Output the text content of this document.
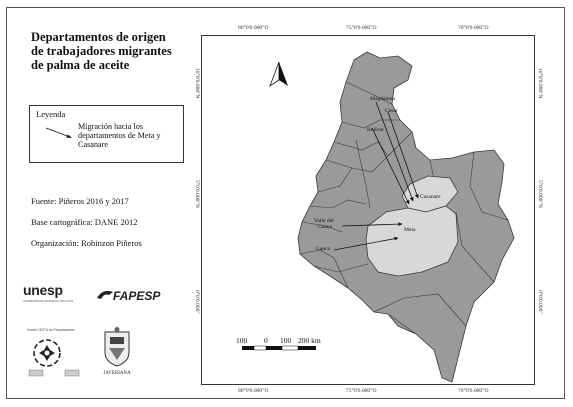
Departamentos de origen de trabajadores migrantes de palma de aceite
Leyenda
Migración hacia los departamentos de Meta y Casanare
Fuente: Piñeros 2016 y 2017
Base cartográfica: DANE 2012
Organización: Robinzon Piñeros
unesp
UNIVERSIDADE ESTADUAL PAULISTA	FAPESP
Centro CESTU de Pesquisadores
JAVERIANA
80°0'0.000"O	75°0'0.000"O	70°0'0.000"O
80°0'0.000"O	75°0'0.000"O	70°0'0.000"O
10°0'0.000"N
5°0'0.000"N
0°0'0.000"
10°0'0.000"N
5°0'0.000"N
0°0'0.000"
Magdalena
Cesar
Bolívar
Casanare
Valle del Cauca	Meta
Cauca
100 0 100 200 km
